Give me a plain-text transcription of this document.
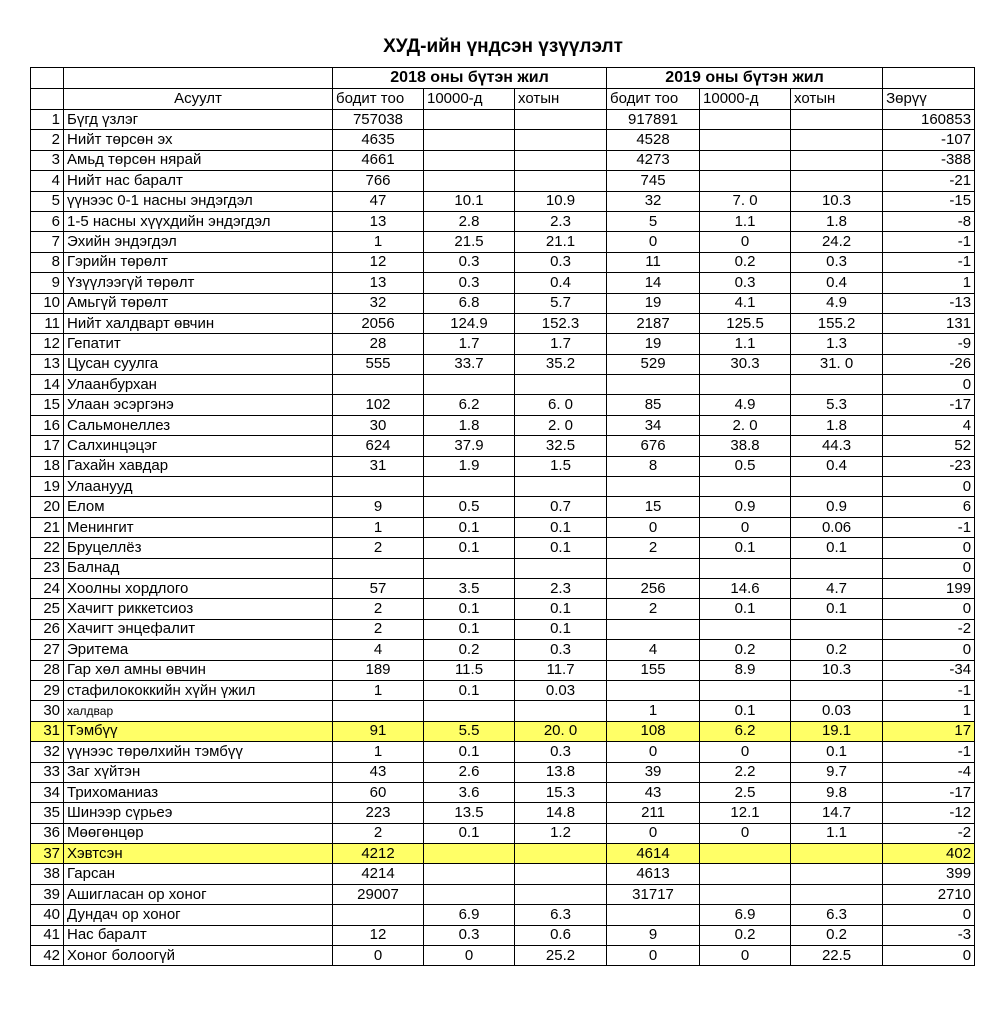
ХУД-ийн үндсэн үзүүлэлт
		2018 оны бүтэн жил			2019 оны бүтэн жил			
	Асуулт	бодит тоо	10000-д	хотын	бодит тоо	10000-д	хотын	Зөрүү
1	Бүгд үзлэг	757038			917891			160853
2	Нийт төрсөн эх	4635			4528			-107
3	Амьд төрсөн нярай	4661			4273			-388
4	Нийт нас баралт	766			745			-21
5	үүнээс 0-1 насны эндэгдэл	47	10.1	10.9	32	7. 0	10.3	-15
6	1-5 насны хүүхдийн эндэгдэл	13	2.8	2.3	5	1.1	1.8	-8
7	Эхийн эндэгдэл	1	21.5	21.1	0	0	24.2	-1
8	Гэрийн төрөлт	12	0.3	0.3	11	0.2	0.3	-1
9	Үзүүлээгүй төрөлт	13	0.3	0.4	14	0.3	0.4	1
10	Амьгүй төрөлт	32	6.8	5.7	19	4.1	4.9	-13
11	Нийт халдварт өвчин	2056	124.9	152.3	2187	125.5	155.2	131
12	Гепатит	28	1.7	1.7	19	1.1	1.3	-9
13	Цусан суулга	555	33.7	35.2	529	30.3	31. 0	-26
14	Улаанбурхан							0
15	Улаан эсэргэнэ	102	6.2	6. 0	85	4.9	5.3	-17
16	Сальмонеллез	30	1.8	2. 0	34	2. 0	1.8	4
17	Салхинцэцэг	624	37.9	32.5	676	38.8	44.3	52
18	Гахайн хавдар	31	1.9	1.5	8	0.5	0.4	-23
19	Улаанууд							0
20	Елом	9	0.5	0.7	15	0.9	0.9	6
21	Менингит	1	0.1	0.1	0	0	0.06	-1
22	Бруцеллёз	2	0.1	0.1	2	0.1	0.1	0
23	Балнад							0
24	Хоолны хордлого	57	3.5	2.3	256	14.6	4.7	199
25	Хачигт риккетсиоз	2	0.1	0.1	2	0.1	0.1	0
26	Хачигт энцефалит	2	0.1	0.1				-2
27	Эритема	4	0.2	0.3	4	0.2	0.2	0
28	Гар хөл амны өвчин	189	11.5	11.7	155	8.9	10.3	-34
29	стафилококкийн хүйн үжил	1	0.1	0.03				-1
30	халдвар				1	0.1	0.03	1
31	Тэмбүү	91	5.5	20. 0	108	6.2	19.1	17
32	үүнээс төрөлхийн тэмбүү	1	0.1	0.3	0	0	0.1	-1
33	Заг хүйтэн	43	2.6	13.8	39	2.2	9.7	-4
34	Трихоманиаз	60	3.6	15.3	43	2.5	9.8	-17
35	Шинээр сүрьеэ	223	13.5	14.8	211	12.1	14.7	-12
36	Мөөгөнцөр	2	0.1	1.2	0	0	1.1	-2
37	Хэвтсэн	4212			4614			402
38	Гарсан	4214			4613			399
39	Ашигласан ор хоног	29007			31717			2710
40	Дундач ор хоног		6.9	6.3		6.9	6.3	0
41	Нас баралт	12	0.3	0.6	9	0.2	0.2	-3
42	Хоног болоогүй	0	0	25.2	0	0	22.5	0
